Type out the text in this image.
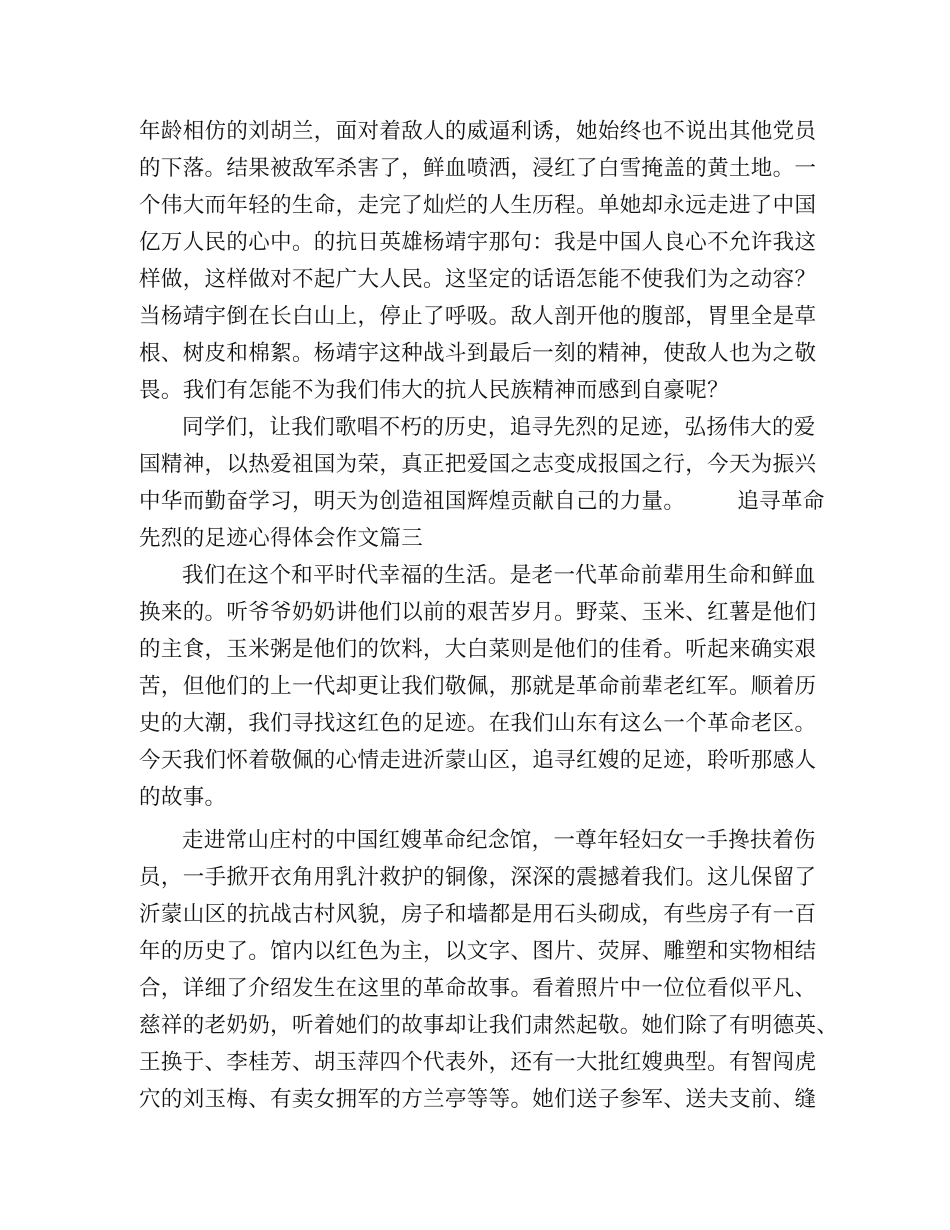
年龄相仿的刘胡兰，面对着敌人的威逼利诱，她始终也不说出其他党员
的下落。结果被敌军杀害了，鲜血喷洒，浸红了白雪掩盖的黄土地。一
个伟大而年轻的生命，走完了灿烂的人生历程。单她却永远走进了中国
亿万人民的心中。的抗日英雄杨靖宇那句：我是中国人良心不允许我这
样做，这样做对不起广大人民。这坚定的话语怎能不使我们为之动容？
当杨靖宇倒在长白山上，停止了呼吸。敌人剖开他的腹部，胃里全是草
根、树皮和棉絮。杨靖宇这种战斗到最后一刻的精神，使敌人也为之敬
畏。我们有怎能不为我们伟大的抗人民族精神而感到自豪呢？
同学们，让我们歌唱不朽的历史，追寻先烈的足迹，弘扬伟大的爱
国精神，以热爱祖国为荣，真正把爱国之志变成报国之行，今天为振兴
中华而勤奋学习，明天为创造祖国辉煌贡献自己的力量。 追寻革命
先烈的足迹心得体会作文篇三
我们在这个和平时代幸福的生活。是老一代革命前辈用生命和鲜血
换来的。听爷爷奶奶讲他们以前的艰苦岁月。野菜、玉米、红薯是他们
的主食，玉米粥是他们的饮料，大白菜则是他们的佳肴。听起来确实艰
苦，但他们的上一代却更让我们敬佩，那就是革命前辈老红军。顺着历
史的大潮，我们寻找这红色的足迹。在我们山东有这么一个革命老区。
今天我们怀着敬佩的心情走进沂蒙山区，追寻红嫂的足迹，聆听那感人
的故事。
走进常山庄村的中国红嫂革命纪念馆，一尊年轻妇女一手搀扶着伤
员，一手掀开衣角用乳汁救护的铜像，深深的震撼着我们。这儿保留了
沂蒙山区的抗战古村风貌，房子和墙都是用石头砌成，有些房子有一百
年的历史了。馆内以红色为主，以文字、图片、荧屏、雕塑和实物相结
合，详细了介绍发生在这里的革命故事。看着照片中一位位看似平凡、
慈祥的老奶奶，听着她们的故事却让我们肃然起敬。她们除了有明德英、
王换于、李桂芳、胡玉萍四个代表外，还有一大批红嫂典型。有智闯虎
穴的刘玉梅、有卖女拥军的方兰亭等等。她们送子参军、送夫支前、缝
